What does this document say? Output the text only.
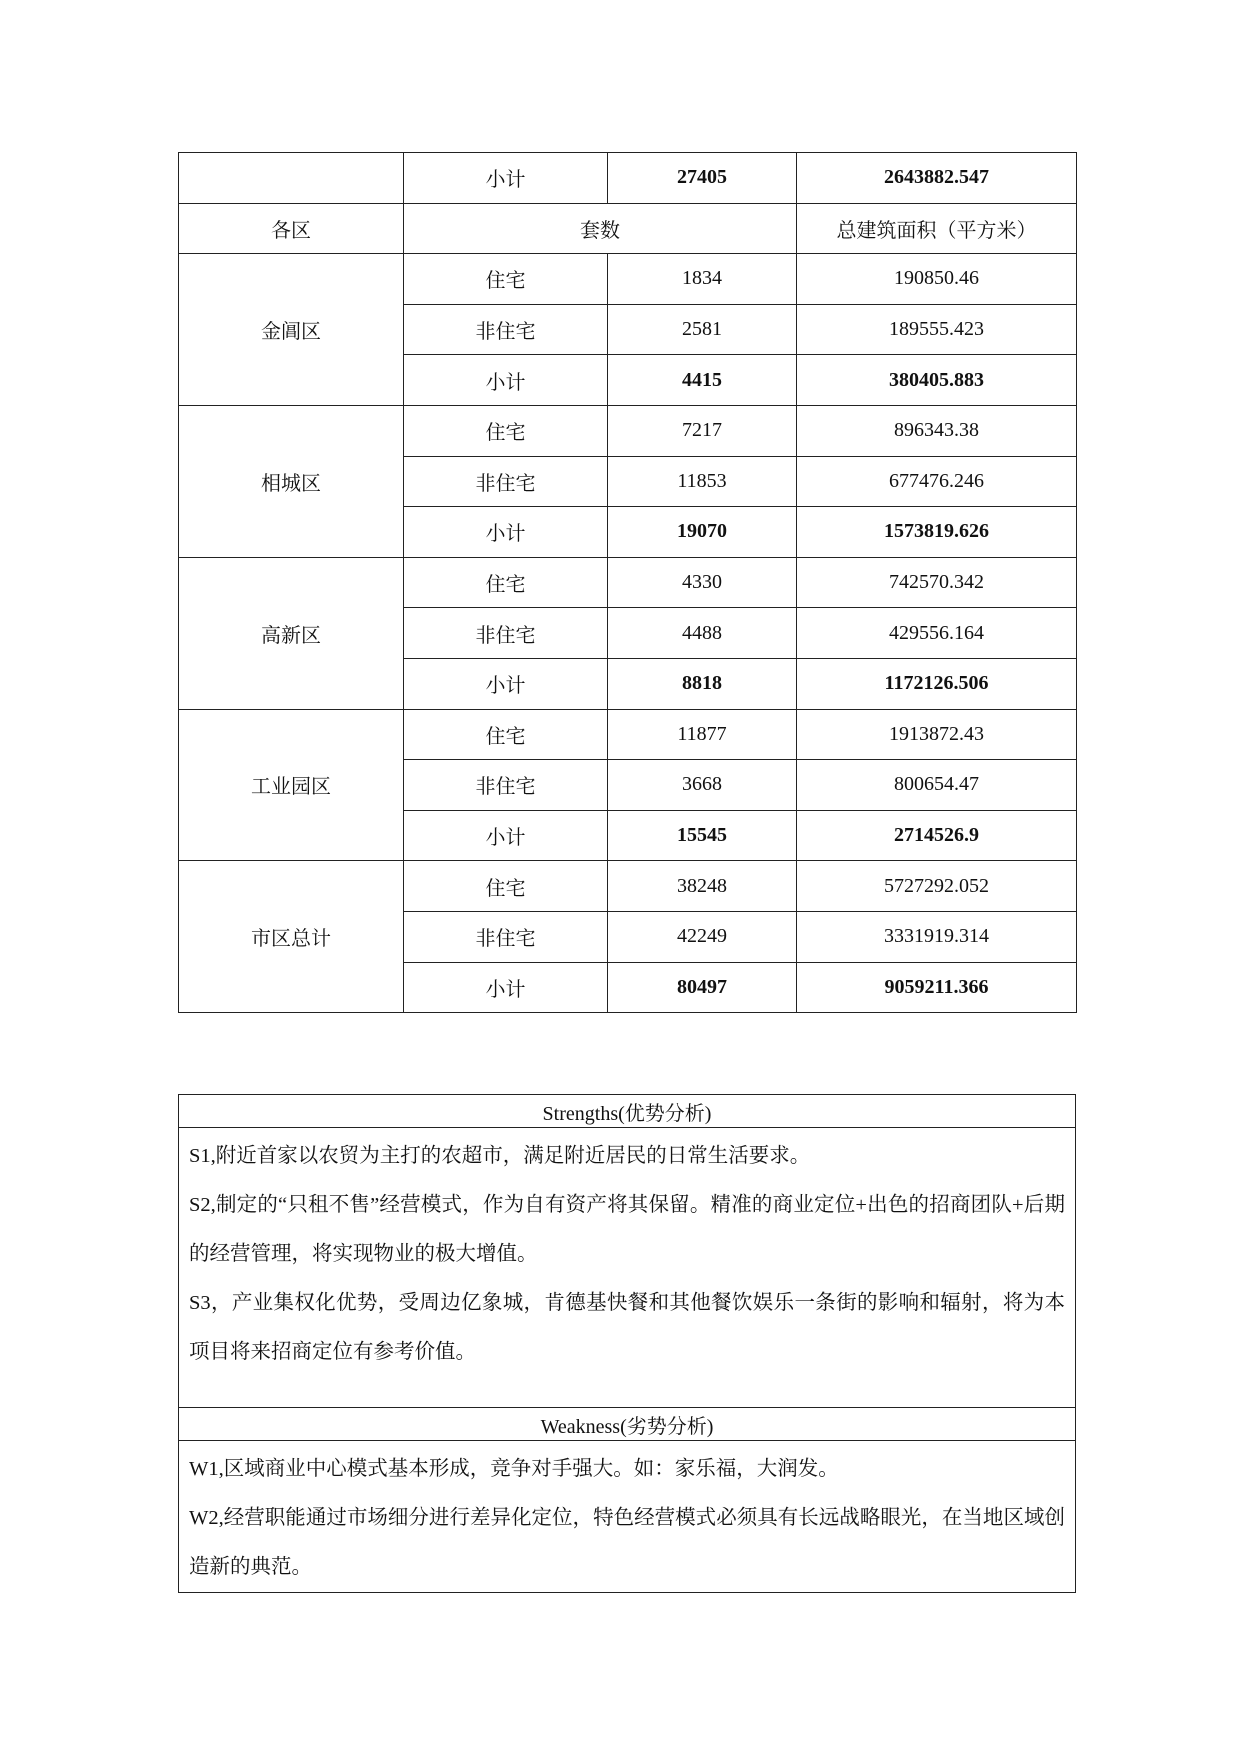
	小计	27405	2643882.547
各区	套数		总建筑面积（平方米）
金阊区	住宅	1834	190850.46
	非住宅	2581	189555.423
	小计	4415	380405.883
相城区	住宅	7217	896343.38
	非住宅	11853	677476.246
	小计	19070	1573819.626
高新区	住宅	4330	742570.342
	非住宅	4488	429556.164
	小计	8818	1172126.506
工业园区	住宅	11877	1913872.43
	非住宅	3668	800654.47
	小计	15545	2714526.9
市区总计	住宅	38248	5727292.052
	非住宅	42249	3331919.314
	小计	80497	9059211.366
Strengths(优势分析)

S1,附近首家以农贸为主打的农超市，满足附近居民的日常生活要求。

S2,制定的“只租不售”经营模式，作为自有资产将其保留。精准的商业定位+出色的招商团队+后期的经营管理，将实现物业的极大增值。

S3，产业集权化优势，受周边亿象城，肯德基快餐和其他餐饮娱乐一条街的影响和辐射，将为本项目将来招商定位有参考价值。

Weakness(劣势分析)

W1,区域商业中心模式基本形成，竞争对手强大。如：家乐福，大润发。

W2,经营职能通过市场细分进行差异化定位，特色经营模式必须具有长远战略眼光，在当地区域创造新的典范。
